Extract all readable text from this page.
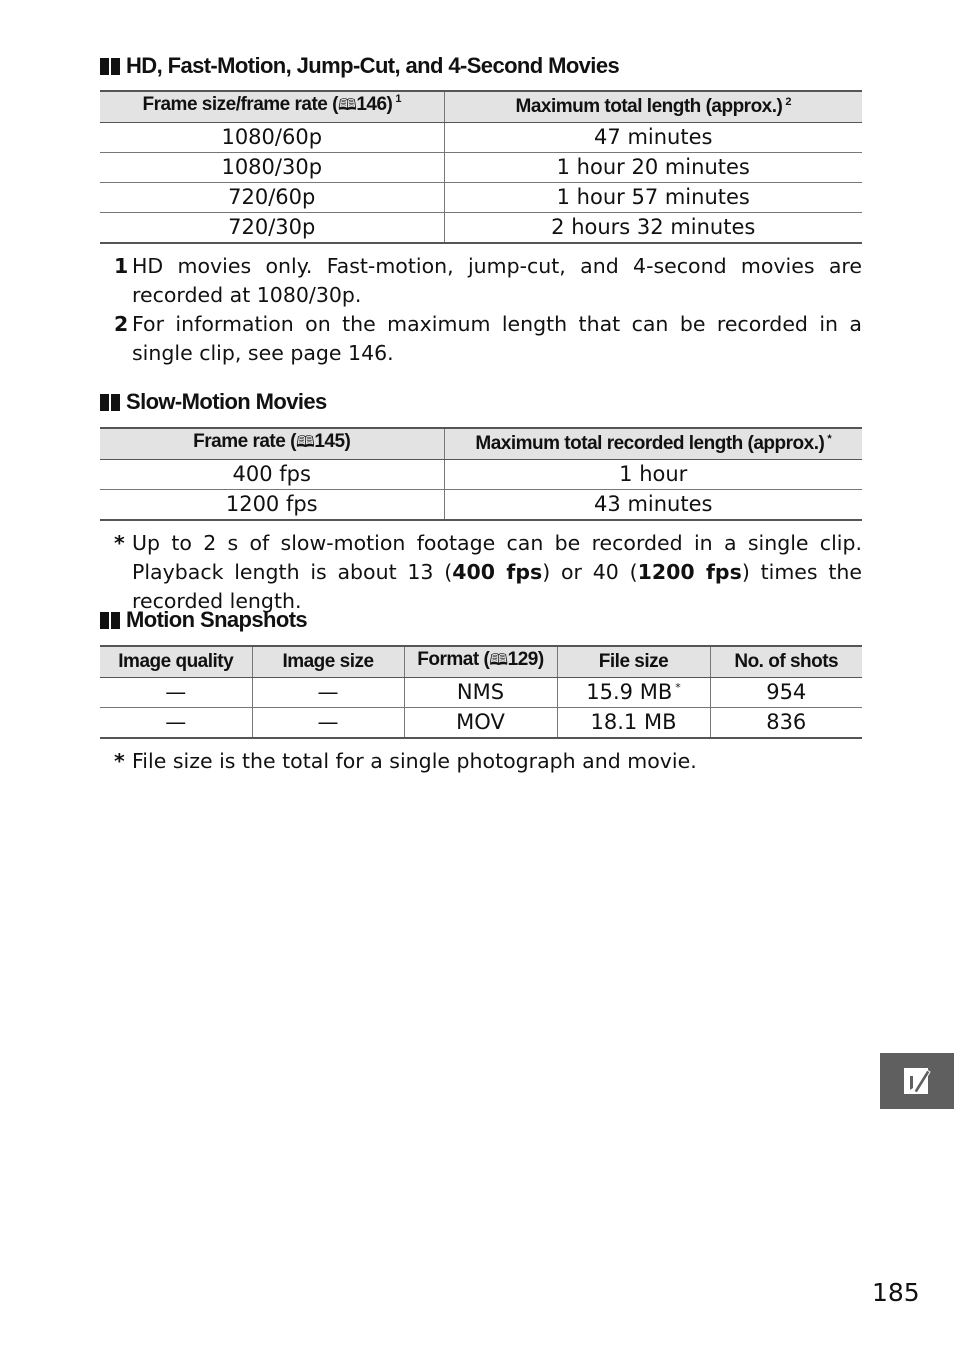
HD, Fast-Motion, Jump-Cut, and 4-Second Movies
Frame size/frame rate (🕮146) $^1$	Maximum total length (approx.) $^2$
1080/60p	47 minutes
1080/30p	1 hour 20 minutes
720/60p	1 hour 57 minutes
720/30p	2 hours 32 minutes
1 HD movies only. Fast-motion, jump-cut, and 4-second movies are recorded at 1080/30p.
2 For information on the maximum length that can be recorded in a single clip, see page 146.
Slow-Motion Movies
Frame rate (🕮145)	Maximum total recorded length (approx.) *
400 fps	1 hour
1200 fps	43 minutes
* Up to 2 s of slow-motion footage can be recorded in a single clip. Playback length is about 13 (400 fps) or 40 (1200 fps) times the recorded length.
Motion Snapshots
Image quality	Image size	Format (🕮129)	File size	No. of shots
—	—	NMS	15.9 MB *	954
—	—	MOV	18.1 MB	836
* File size is the total for a single photograph and movie.
185
